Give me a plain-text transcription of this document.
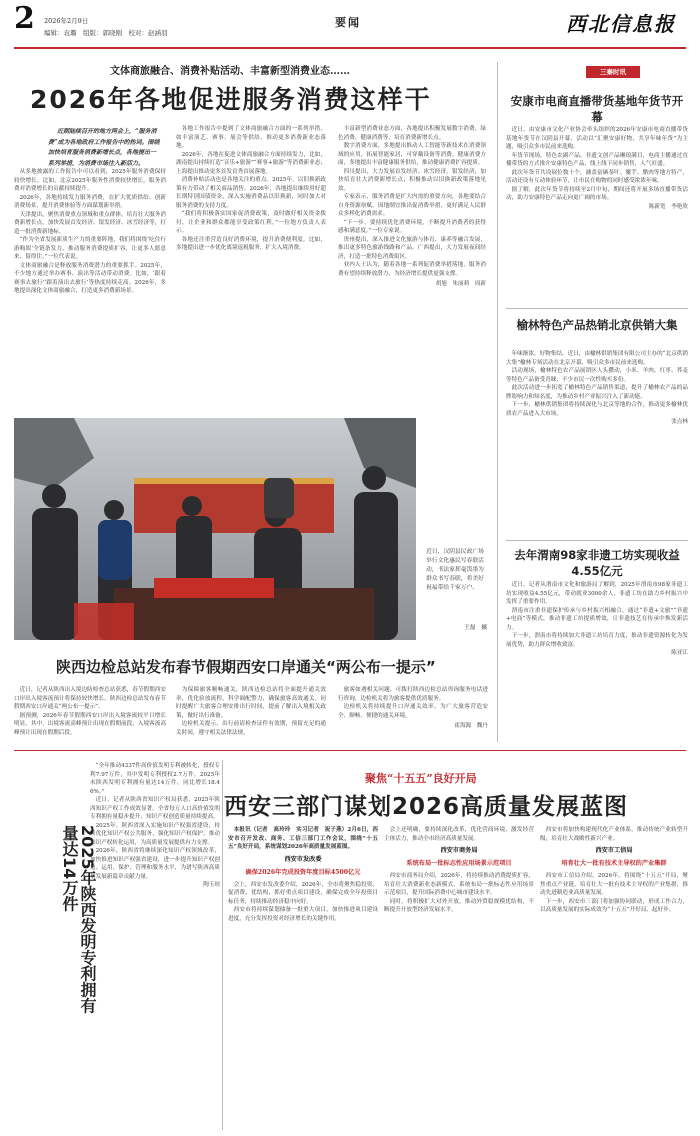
2 2026年2月9日
编辑：袁璐　组版：郭晓刚　校对：赵涵羽
要闻	西北信息报
文体商旅融合、消费补贴活动、丰富新型消费业态……
2026年各地促进服务消费这样干
近期陆续召开的地方两会上，“服务消费”成为各地政府工作报告中的热词。围绕加快培育服务消费新增长点，各地提出一系列举措，为消费市场注入新活力。

从多地披露的工作报告中可以看到，2025年服务消费保持较快增长。比如，北京2025年服务性消费较快增长，服务消费对消费增长的贡献持续提升。

2026年，各地持续发力服务消费，在扩大优质供给、创新消费场景、提升消费体验等方面谋划新举措。

天津提出，聚焦消费重点领域和重点群体，培育壮大服务消费新增长点，加快发展首发经济、银发经济、冰雪经济等，打造一批消费新地标。

“作为全省发展新质生产力的重要阵地，我们将围绕‘吃住行游购娱’全链条发力，推动服务消费提质扩容，让更多人愿意来、留得住。”一位代表说。

文体商旅融合是释放服务消费潜力的重要抓手。2025年，不少地方通过举办赛事、演出等活动带动消费。比如，‘跟着赛事去旅行’‘跟着演出去旅行’等热度持续走高。2026年，多地提出深化文体商旅融合，打造更多消费新场景。

各地工作报告中提到了文体商旅融合方面的一系列举措，如丰富演艺、赛事、展会等供给，推动更多消费新业态落地。

2026年，各地在促进文体商旅融合方面持续发力，比如，湖南提出持续打造“音乐+旅游”“赛事+旅游”等消费新业态；上海提出推动更多首发首秀首展落地。

消费补贴活动也是各地关注的重点。2025年，以旧换新政策有力带动了相关商品销售。2026年，各地提出继续用好超长期特别国债资金，深入实施消费品以旧换新，同时加大对服务消费的支持力度。

“我们将积极落实国家促消费政策，及时做好相关资金拨付，让企业和群众都能享受政策红利。”一位地方负责人表示。

各地还注重营造良好消费环境，提升消费便利度。比如，多地提出进一步优化离境退税服务，扩大入境消费。

丰富新型消费业态方面，各地提出积极发展数字消费、绿色消费、健康消费等，培育消费新增长点。

数字消费方面，多地提出推动人工智能等新技术在消费领域的应用，拓展智能家居、可穿戴设备等消费。健康消费方面，多地提出丰富健康服务供给，推动健康消费扩容提质。

四川提出，大力发展首发经济、冰雪经济、银发经济，加快培育壮大消费新增长点；积极推动以旧换新政策落地见效。

专家表示，服务消费是扩大内需的重要方向，各地要结合自身资源禀赋，因地制宜推出促消费举措，更好满足人民群众多样化消费需求。

“下一步，要持续优化消费环境，不断提升消费者的获得感和满意度。”一位专家说。

贵州提出，深入推进文化旅游与体育、康养等融合发展，推出更多特色旅游线路和产品。广西提出，大力发展夜间经济，打造一批特色消费街区。

业内人士认为，随着各地一系列促消费举措落地，服务消费有望持续释放潜力，为经济增长提供更强支撑。

胡旭　朱丽莉　周新
近日，汉阴县民政广场举行文化惠民写春联活动，书法家挥毫泼墨为群众书写春联，将美好祝福带给千家万户。
王磊　摄
陕西边检总站发布春节假期西安口岸通关“两公布一提示”

近日，记者从陕西出入境边防检查总站获悉，春节假期西安口岸出入境客流预计将保持较快增长。陕西边检总站发布春节假期西安口岸通关“两公布一提示”。

据预测，2026年春节假期西安口岸出入境客流较平日增长明显，其中，出境客流高峰预计出现在假期前段，入境客流高峰预计出现在假期后段。

为保障旅客顺畅通关，陕西边检总站将全面提升通关效率，优化验放流程，科学调配警力，确保旅客高效通关。同时提醒广大旅客合理安排出行时间，提前了解出入境相关政策，做好出行准备。

边检机关提示，出行前请检查证件有效期，预留充足的通关时间，遵守相关法律法规。

旅客如遇相关问题，可拨打陕西边检总站咨询服务电话进行咨询，边检机关将为旅客提供优质服务。

边检机关将持续提升口岸通关效率，为广大旅客营造安全、顺畅、便捷的通关环境。

霍海源　魏丹
三秦时讯
安康市电商直播带货基地年货节开幕

近日，由安康市文化产业协会牵头组织的2026年安康市电商直播带货基地年货节在汉阴县开幕，活动以“汇聚安康好物，共享年味年货”为主题，吸引众多市民前来选购。

年货节现场，特色农副产品、非遗文创产品琳琅满目，电商主播通过直播带货的方式推介安康特色产品，线上线下同步销售，人气旺盛。

此次年货节共设展位数十个，涵盖富硒茶叶、魔芋、腊肉等地方特产，活动还设有互动体验环节，让市民在购物的同时感受浓浓年味。

据了解，此次年货节将持续至2月中旬，期间还将开展多场直播带货活动，助力安康特色产品走向更广阔的市场。

陈新宽　李艳欣
榆林特色产品热销北京供销大集

年味渐浓，好物集结。近日，由榆林供销集团有限公司主办的“北京供销大集”榆林专场活动在北京开幕，吸引众多市民前来选购。

活动现场，榆林特色农产品展销区人头攒动，小米、羊肉、红枣、荞麦等特色产品备受青睐，不少市民一次性购买多份。

此次活动进一步拓宽了榆林特色产品销售渠道，提升了榆林农产品的品牌影响力和知名度，为推动乡村产业振兴注入了新动能。

下一步，榆林供销集团将持续深化与北京等地的合作，推动更多榆林优质农产品进入大市场。

张点林
去年渭南98家非遗工坊实现收益4.55亿元

近日，记者从渭南市文化和旅游局了解到，2025年渭南市98家非遗工坊实现收益4.55亿元，带动就业3000余人，非遗工坊在助力乡村振兴中发挥了重要作用。

渭南市注重非遗保护传承与乡村振兴相融合，通过“非遗+文旅”“非遗+电商”等模式，推动非遗工坊提质增效，让非遗技艺在传承中焕发新活力。

下一步，渭南市将持续加大非遗工坊培育力度，推动非遗资源转化为发展优势，助力群众增收致富。

陈亚江
2025年陕西发明专利拥有量达14万件

“全年推动4337件高价值发明专利被转化，授权专利7.97万件，其中发明专利授权2.7万件，2025年末陕西发明专利拥有量达14万件，同比增长18.46%。”

近日，记者从陕西省知识产权局获悉，2025年陕西知识产权工作成效显著。全省每万人口高价值发明专利拥有量稳步提升，知识产权创造质量持续提高。

2025年，陕西省深入实施知识产权强省建设，持续优化知识产权公共服务，强化知识产权保护，推动知识产权转化运用，为高质量发展提供有力支撑。

2026年，陕西省将继续深化知识产权领域改革，加快推进知识产权强省建设，进一步提升知识产权创造、运用、保护、管理和服务水平，为谱写陕西高质量发展新篇章贡献力量。

陶玉琼
聚焦“十五五”良好开局
西安三部门谋划2026高质量发展蓝图

本报讯（记者　高玲玲　实习记者　祝子燕）2月6日，西安市召开发改、商务、工信三部门工作会议，围绕“十五五”良好开局，系统谋划2026年高质量发展蓝图。

西安市发改委
确保2026年完成投资年度目标4500亿元

会上，西安市发改委介绍，2026年，全市将聚焦稳投资、促消费、优结构，抓好重点项目建设，确保完成全年投资目标任务，持续推动经济稳中向好。

西安市将持续谋划储备一批重大项目，加快推进项目建设进度，充分发挥投资对经济增长的关键作用。

会上还明确，要持续深化改革，优化营商环境，激发经营主体活力，推动全市经济高质量发展。

西安市商务局
系统布局一批标志性应用场景示范项目

西安市商务局介绍，2026年，将持续推动消费提质扩容，培育壮大消费新业态新模式，系统布局一批标志性应用场景示范项目，提升国际消费中心城市建设水平。

同时，将积极扩大对外开放，推动外贸稳规模优结构，不断提升开放型经济发展水平。

西安市将加快构建现代化产业体系，推动传统产业转型升级，培育壮大战略性新兴产业。

西安市工信局
培育壮大一批有技术主导权的产业集群

西安市工信局介绍，2026年，将围绕“十五五”开局，聚焦重点产业链，培育壮大一批有技术主导权的产业集群，推动先进制造业高质量发展。

下一步，西安市三部门将加强协同联动，形成工作合力，以高质量发展的实际成效为“十五五”开好局、起好步。
